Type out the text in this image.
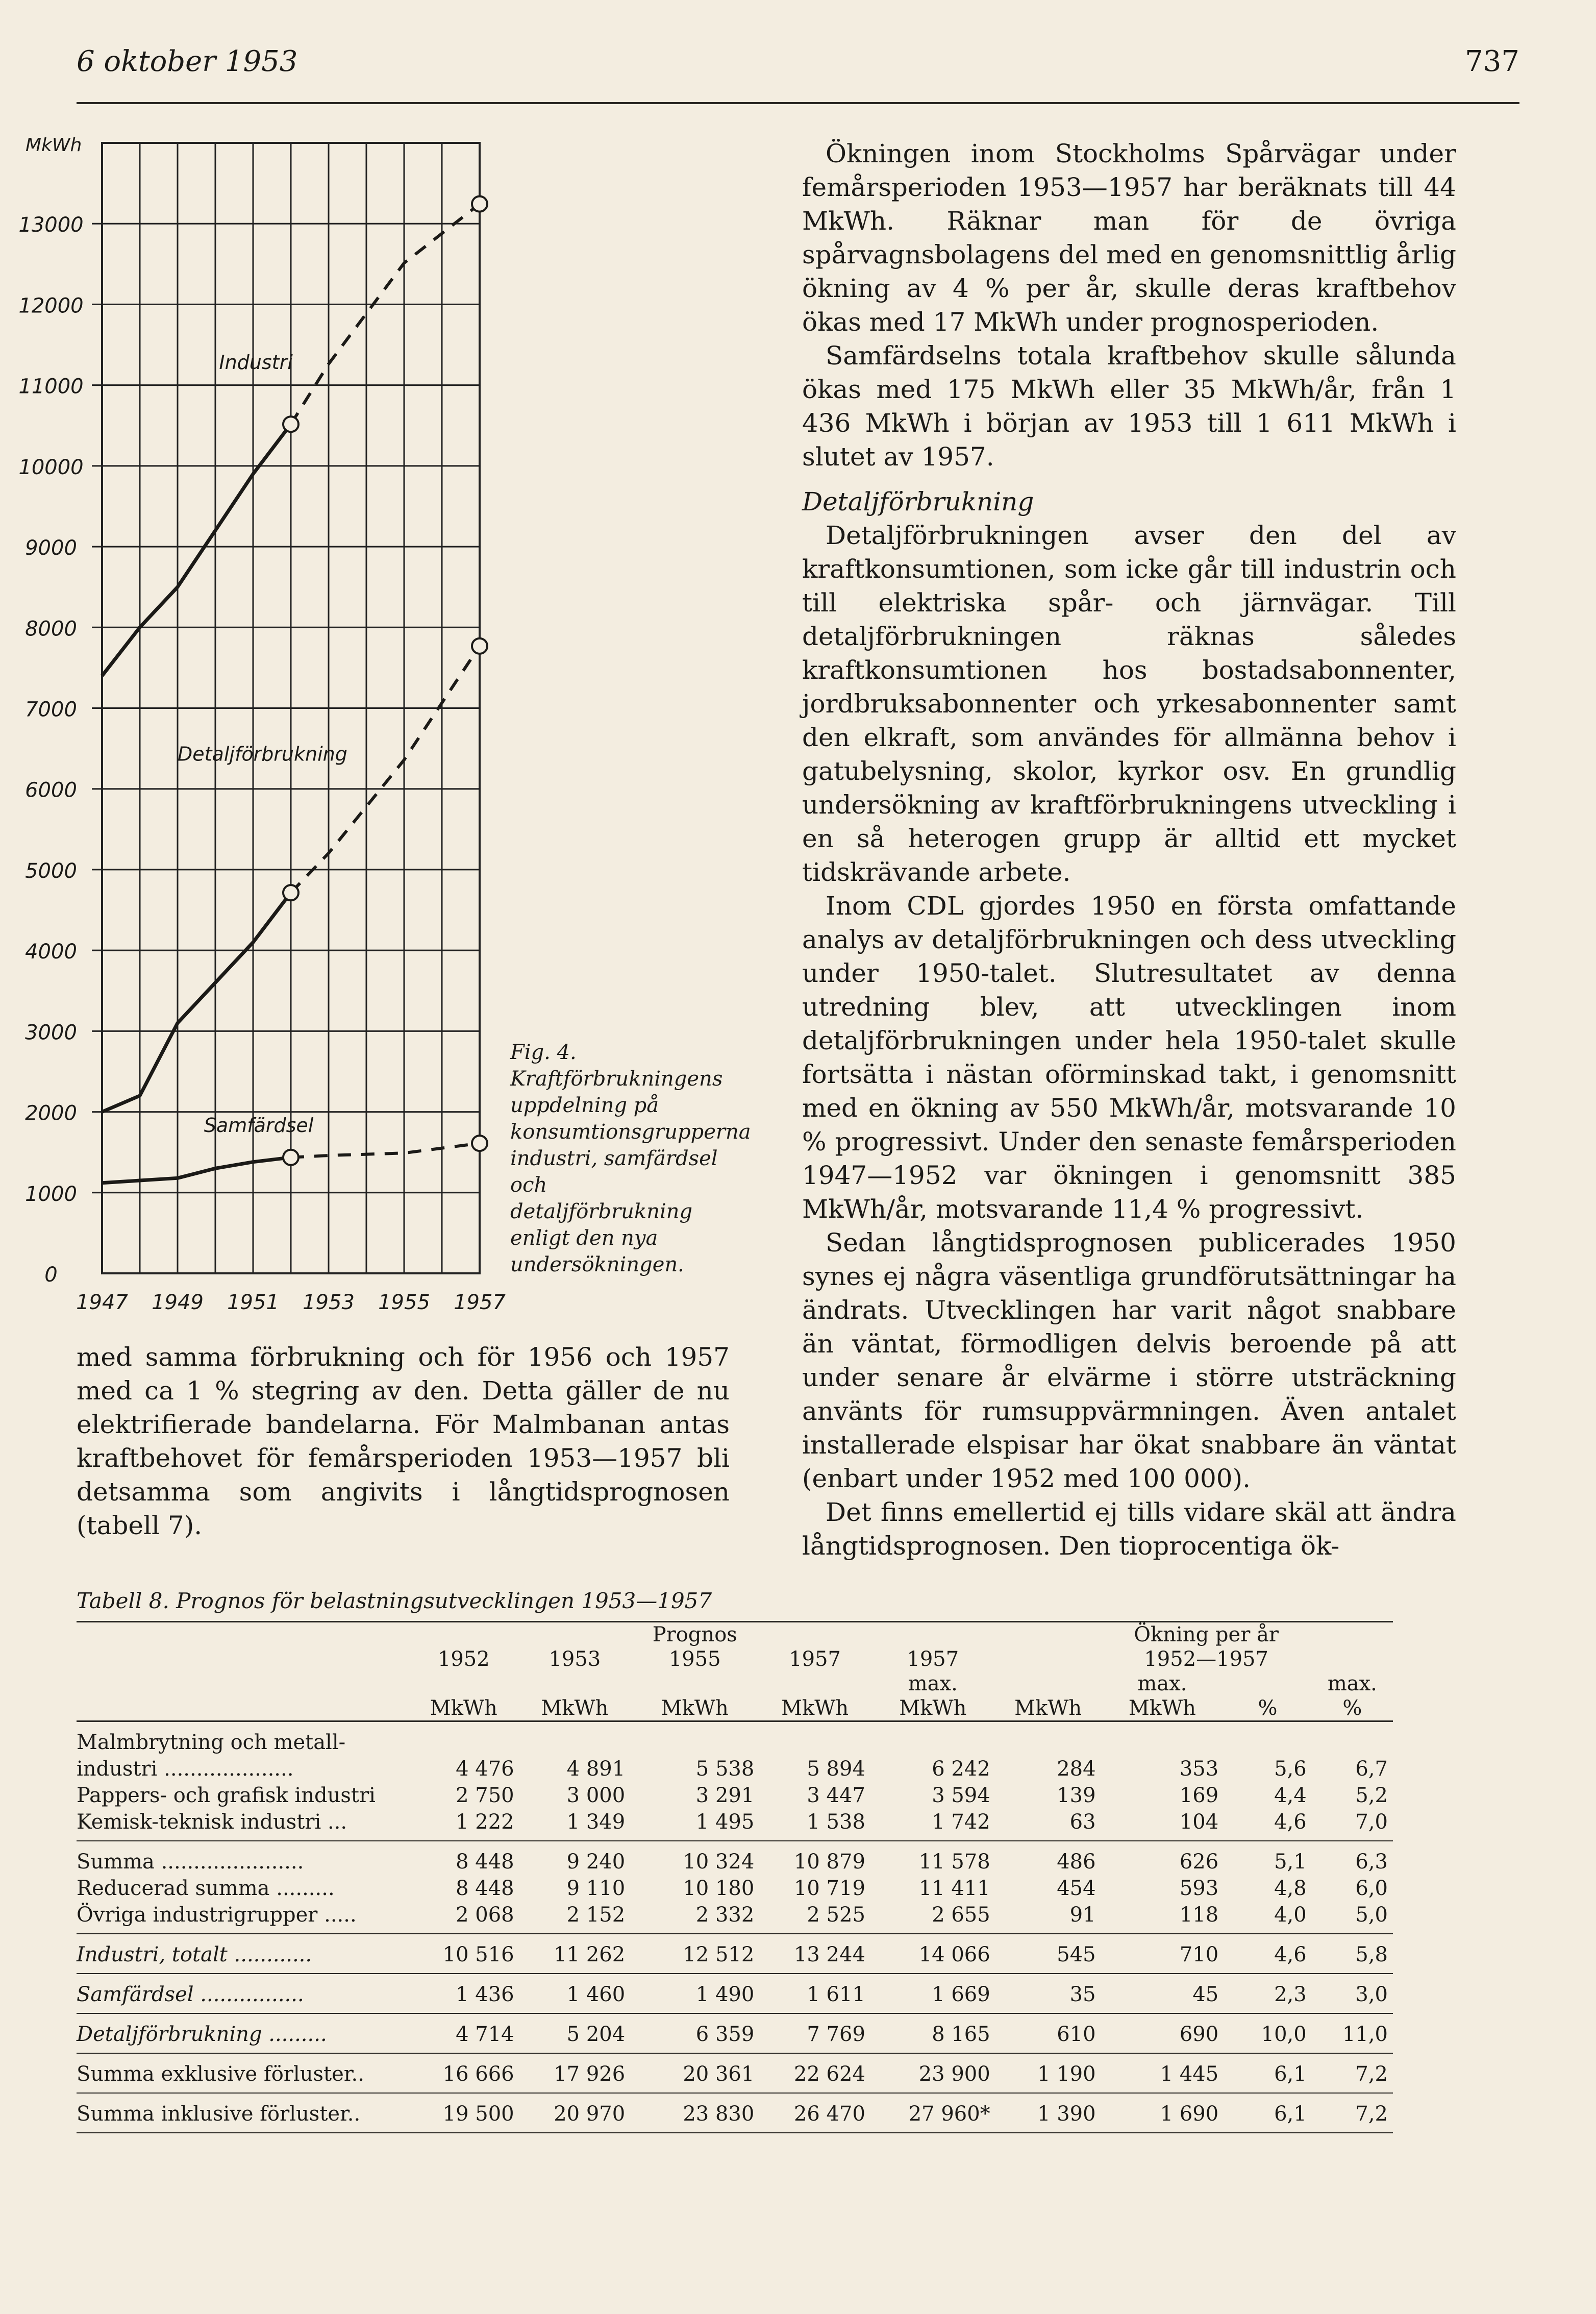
6 oktober 1953	737
0
1000
2000
3000
4000
5000
6000
7000
8000
9000
10000
11000
12000
13000
MkWh
1947 1949 1951 1953 1955 1957
Industri
Detaljförbrukning
Samfärdsel
Fig. 4. Kraftförbrukningens uppdelning på konsumtionsgrupperna industri, samfärdsel och detaljförbrukning enligt den nya undersökningen.

med samma förbrukning och för 1956 och 1957 med ca 1 % stegring av den. Detta gäller de nu elektrifierade bandelarna. För Malmbanan antas kraftbehovet för femårsperioden 1953—1957 bli detsamma som angivits i långtidsprognosen (tabell 7).

Ökningen inom Stockholms Spårvägar under femårsperioden 1953—1957 har beräknats till 44 MkWh. Räknar man för de övriga spårvagnsbolagens del med en genomsnittlig årlig ökning av 4 % per år, skulle deras kraftbehov ökas med 17 MkWh under prognosperioden.

Samfärdselns totala kraftbehov skulle sålunda ökas med 175 MkWh eller 35 MkWh/år, från 1 436 MkWh i början av 1953 till 1 611 MkWh i slutet av 1957.

Detaljförbrukning

Detaljförbrukningen avser den del av kraftkonsumtionen, som icke går till industrin och till elektriska spår- och järnvägar. Till detaljförbrukningen räknas således kraftkonsumtionen hos bostadsabonnenter, jordbruksabonnenter och yrkesabonnenter samt den elkraft, som användes för allmänna behov i gatubelysning, skolor, kyrkor osv. En grundlig undersökning av kraftförbrukningens utveckling i en så heterogen grupp är alltid ett mycket tidskrävande arbete.

Inom CDL gjordes 1950 en första omfattande analys av detaljförbrukningen och dess utveckling under 1950-talet. Slutresultatet av denna utredning blev, att utvecklingen inom detaljförbrukningen under hela 1950-talet skulle fortsätta i nästan oförminskad takt, i genomsnitt med en ökning av 550 MkWh/år, motsvarande 10 % progressivt. Under den senaste femårsperioden 1947—1952 var ökningen i genomsnitt 385 MkWh/år, motsvarande 11,4 % progressivt.

Sedan långtidsprognosen publicerades 1950 synes ej några väsentliga grundförutsättningar ha ändrats. Utvecklingen har varit något snabbare än väntat, förmodligen delvis beroende på att under senare år elvärme i större utsträckning använts för rumsuppvärmningen. Även antalet installerade elspisar har ökat snabbare än väntat (enbart under 1952 med 100 000).

Det finns emellertid ej tills vidare skäl att ändra långtidsprognosen. Den tioprocentiga ök-

Tabell 8. Prognos för belastningsutvecklingen 1953—1957
			Prognos				Ökning per år		
	1952	1953	1955	1957	1957		1952—1957		
					max.		max.		max.
	MkWh	MkWh	MkWh	MkWh	MkWh	MkWh	MkWh	%	%
Malmbrytning och metall-									
industri ....................	4 476	4 891	5 538	5 894	6 242	284	353	5,6	6,7
Pappers- och grafisk industri	2 750	3 000	3 291	3 447	3 594	139	169	4,4	5,2
Kemisk-teknisk industri ...	1 222	1 349	1 495	1 538	1 742	63	104	4,6	7,0
Summa ......................	8 448	9 240	10 324	10 879	11 578	486	626	5,1	6,3
Reducerad summa .........	8 448	9 110	10 180	10 719	11 411	454	593	4,8	6,0
Övriga industrigrupper .....	2 068	2 152	2 332	2 525	2 655	91	118	4,0	5,0
Industri, totalt ............	10 516	11 262	12 512	13 244	14 066	545	710	4,6	5,8
Samfärdsel ................	1 436	1 460	1 490	1 611	1 669	35	45	2,3	3,0
Detaljförbrukning .........	4 714	5 204	6 359	7 769	8 165	610	690	10,0	11,0
Summa exklusive förluster..	16 666	17 926	20 361	22 624	23 900	1 190	1 445	6,1	7,2
Summa inklusive förluster..	19 500	20 970	23 830	26 470	27 960*	1 390	1 690	6,1	7,2
